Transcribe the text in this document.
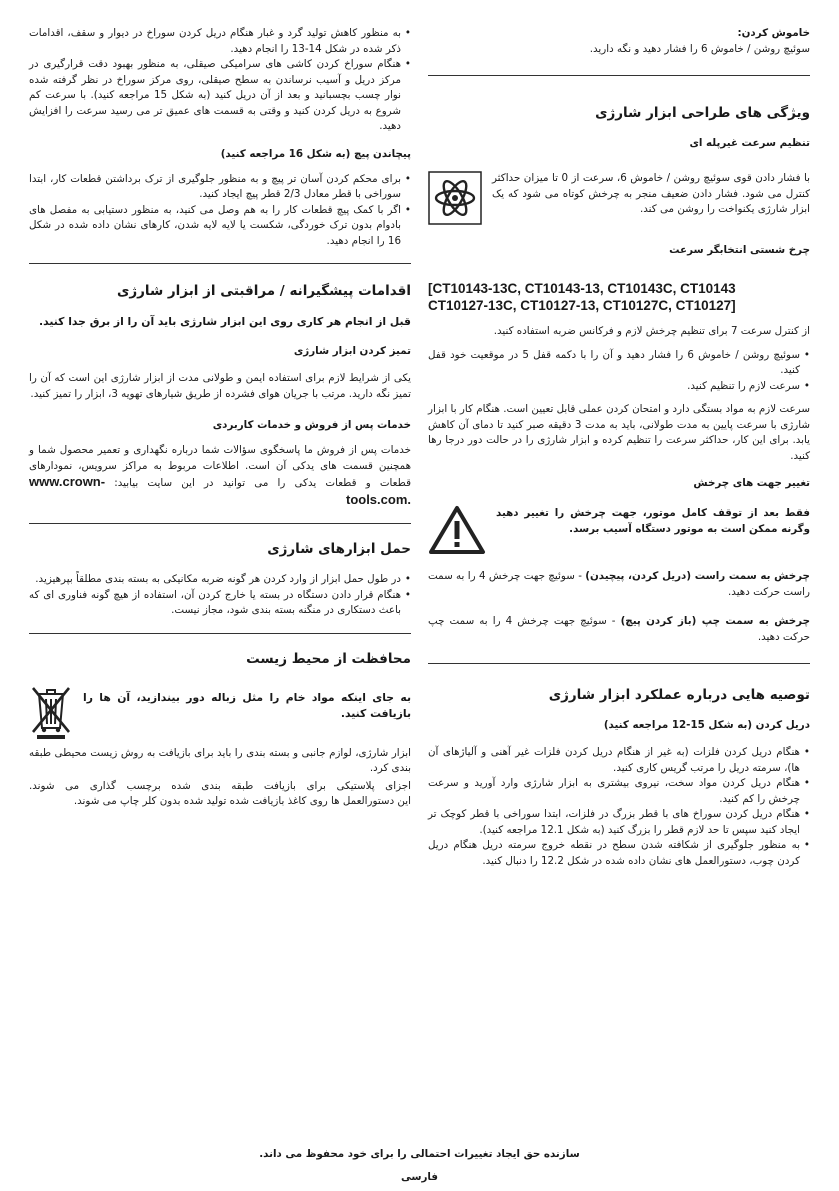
خاموش کردن:

سوئیچ روشن / خاموش 6 را فشار دهید و نگه دارید.

ویژگی های طراحی ابزار شارژی
تنظیم سرعت غیرپله ای

با فشار دادن قوی سوئیچ روشن / خاموش 6، سرعت از 0 تا میزان حداکثر کنترل می شود. فشار دادن ضعیف منجر به چرخش کوتاه می شود که یک ابزار شارژی یکنواخت را روشن می کند.

چرخ شستی انتخابگر سرعت
[CT10143-13C, CT10143-13, CT10143C, CT10143
CT10127-13C, CT10127-13, CT10127C, CT10127]

از کنترل سرعت 7 برای تنظیم چرخش لازم و فرکانس ضربه استفاده کنید.

• سوئیچ روشن / خاموش 6 را فشار دهید و آن را با دکمه قفل 5 در موقعیت خود قفل کنید.
• سرعت لازم را تنظیم کنید.

سرعت لازم به مواد بستگی دارد و امتحان کردن عملی قابل تعیین است. هنگام کار با ابزار شارژی با سرعت پایین به مدت طولانی، باید به مدت 3 دقیقه صبر کنید تا دمای آن کاهش یابد. برای این کار، حداکثر سرعت را تنظیم کرده و ابزار شارژی را در حالت دور درجا رها کنید.

تغییر جهت های چرخش

فقط بعد از توقف کامل موتور، جهت چرخش را تغییر دهید وگرنه ممکن است به موتور دستگاه آسیب برسد.

چرخش به سمت راست (دریل کردن، پیچیدن) - سوئیچ جهت چرخش 4 را به سمت راست حرکت دهید.

چرخش به سمت چپ (باز کردن پیچ) - سوئیچ جهت چرخش 4 را به سمت چپ حرکت دهید.

توصیه هایی درباره عملکرد ابزار شارژی
دریل کردن (به شکل 15-12 مراجعه کنید)
• هنگام دریل کردن فلزات (به غیر از هنگام دریل کردن فلزات غیر آهنی و آلیاژهای آن ها)، سرمته دریل را مرتب گریس کاری کنید.
• هنگام دریل کردن مواد سخت، نیروی بیشتری به ابزار شارژی وارد آورید و سرعت چرخش را کم کنید.
• هنگام دریل کردن سوراخ های با قطر بزرگ در فلزات، ابتدا سوراخی با قطر کوچک تر ایجاد کنید سپس تا حد لازم قطر را بزرگ کنید (به شکل 12.1 مراجعه کنید).
• به منظور جلوگیری از شکافته شدن سطح در نقطه خروج سرمته دریل هنگام دریل کردن چوب، دستورالعمل های نشان داده شده در شکل 12.2 را دنبال کنید.
• به منظور کاهش تولید گرد و غبار هنگام دریل کردن سوراخ در دیوار و سقف، اقدامات ذکر شده در شکل 14-13 را انجام دهید.
• هنگام سوراخ کردن کاشی های سرامیکی صیقلی، به منظور بهبود دقت قرارگیری در مرکز دریل و آسیب نرساندن به سطح صیقلی، روی مرکز سوراخ در نظر گرفته شده نوار چسب بچسبانید و بعد از آن دریل کنید (به شکل 15 مراجعه کنید). با سرعت کم شروع به دریل کردن کنید و وقتی به قسمت های عمیق تر می رسید سرعت را افزایش دهید.
پیچاندن پیچ (به شکل 16 مراجعه کنید)
• برای محکم کردن آسان تر پیچ و به منظور جلوگیری از ترک برداشتن قطعات کار، ابتدا سوراخی با قطر معادل 2/3 قطر پیچ ایجاد کنید.
• اگر با کمک پیچ قطعات کار را به هم وصل می کنید، به منظور دستیابی به مفصل های بادوام بدون ترک خوردگی، شکست یا لایه لایه شدن، کارهای نشان داده شده در شکل 16 را انجام دهید.
اقدامات پیشگیرانه / مراقبتی از ابزار شارژی

قبل از انجام هر کاری روی این ابزار شارژی باید آن را از برق جدا کنید.

تمیز کردن ابزار شارژی

یکی از شرایط لازم برای استفاده ایمن و طولانی مدت از ابزار شارژی این است که آن را تمیز نگه دارید. مرتب با جریان هوای فشرده از طریق شیارهای تهویه 3، ابزار را تمیز کنید.

خدمات پس از فروش و خدمات کاربردی

خدمات پس از فروش ما پاسخگوی سؤالات شما درباره نگهداری و تعمیر محصول شما و همچنین قسمت های یدکی آن است. اطلاعات مربوط به مراکز سرویس، نمودارهای قطعات و قطعات یدکی را می توانید در این سایت بیابید: www.crown-tools.com.

حمل ابزارهای شارژی
• در طول حمل ابزار از وارد کردن هر گونه ضربه مکانیکی به بسته بندی مطلقاً بپرهیزید.
• هنگام قرار دادن دستگاه در بسته یا خارج کردن آن، استفاده از هیچ گونه فناوری ای که باعث دستکاری در منگنه بسته بندی شود، مجاز نیست.
محافظت از محیط زیست

به جای اینکه مواد خام را مثل زباله دور بیندازید، آن ها را بازیافت کنید.

ابزار شارژی، لوازم جانبی و بسته بندی را باید برای بازیافت به روش زیست محیطی طبقه بندی کرد.

اجزای پلاستیکی برای بازیافت طبقه بندی شده برچسب گذاری می شوند.

این دستورالعمل ها روی کاغذ بازیافت شده تولید شده بدون کلر چاپ می شوند.

سازنده حق ایجاد تغییرات احتمالی را برای خود محفوظ می داند.
فارسی
